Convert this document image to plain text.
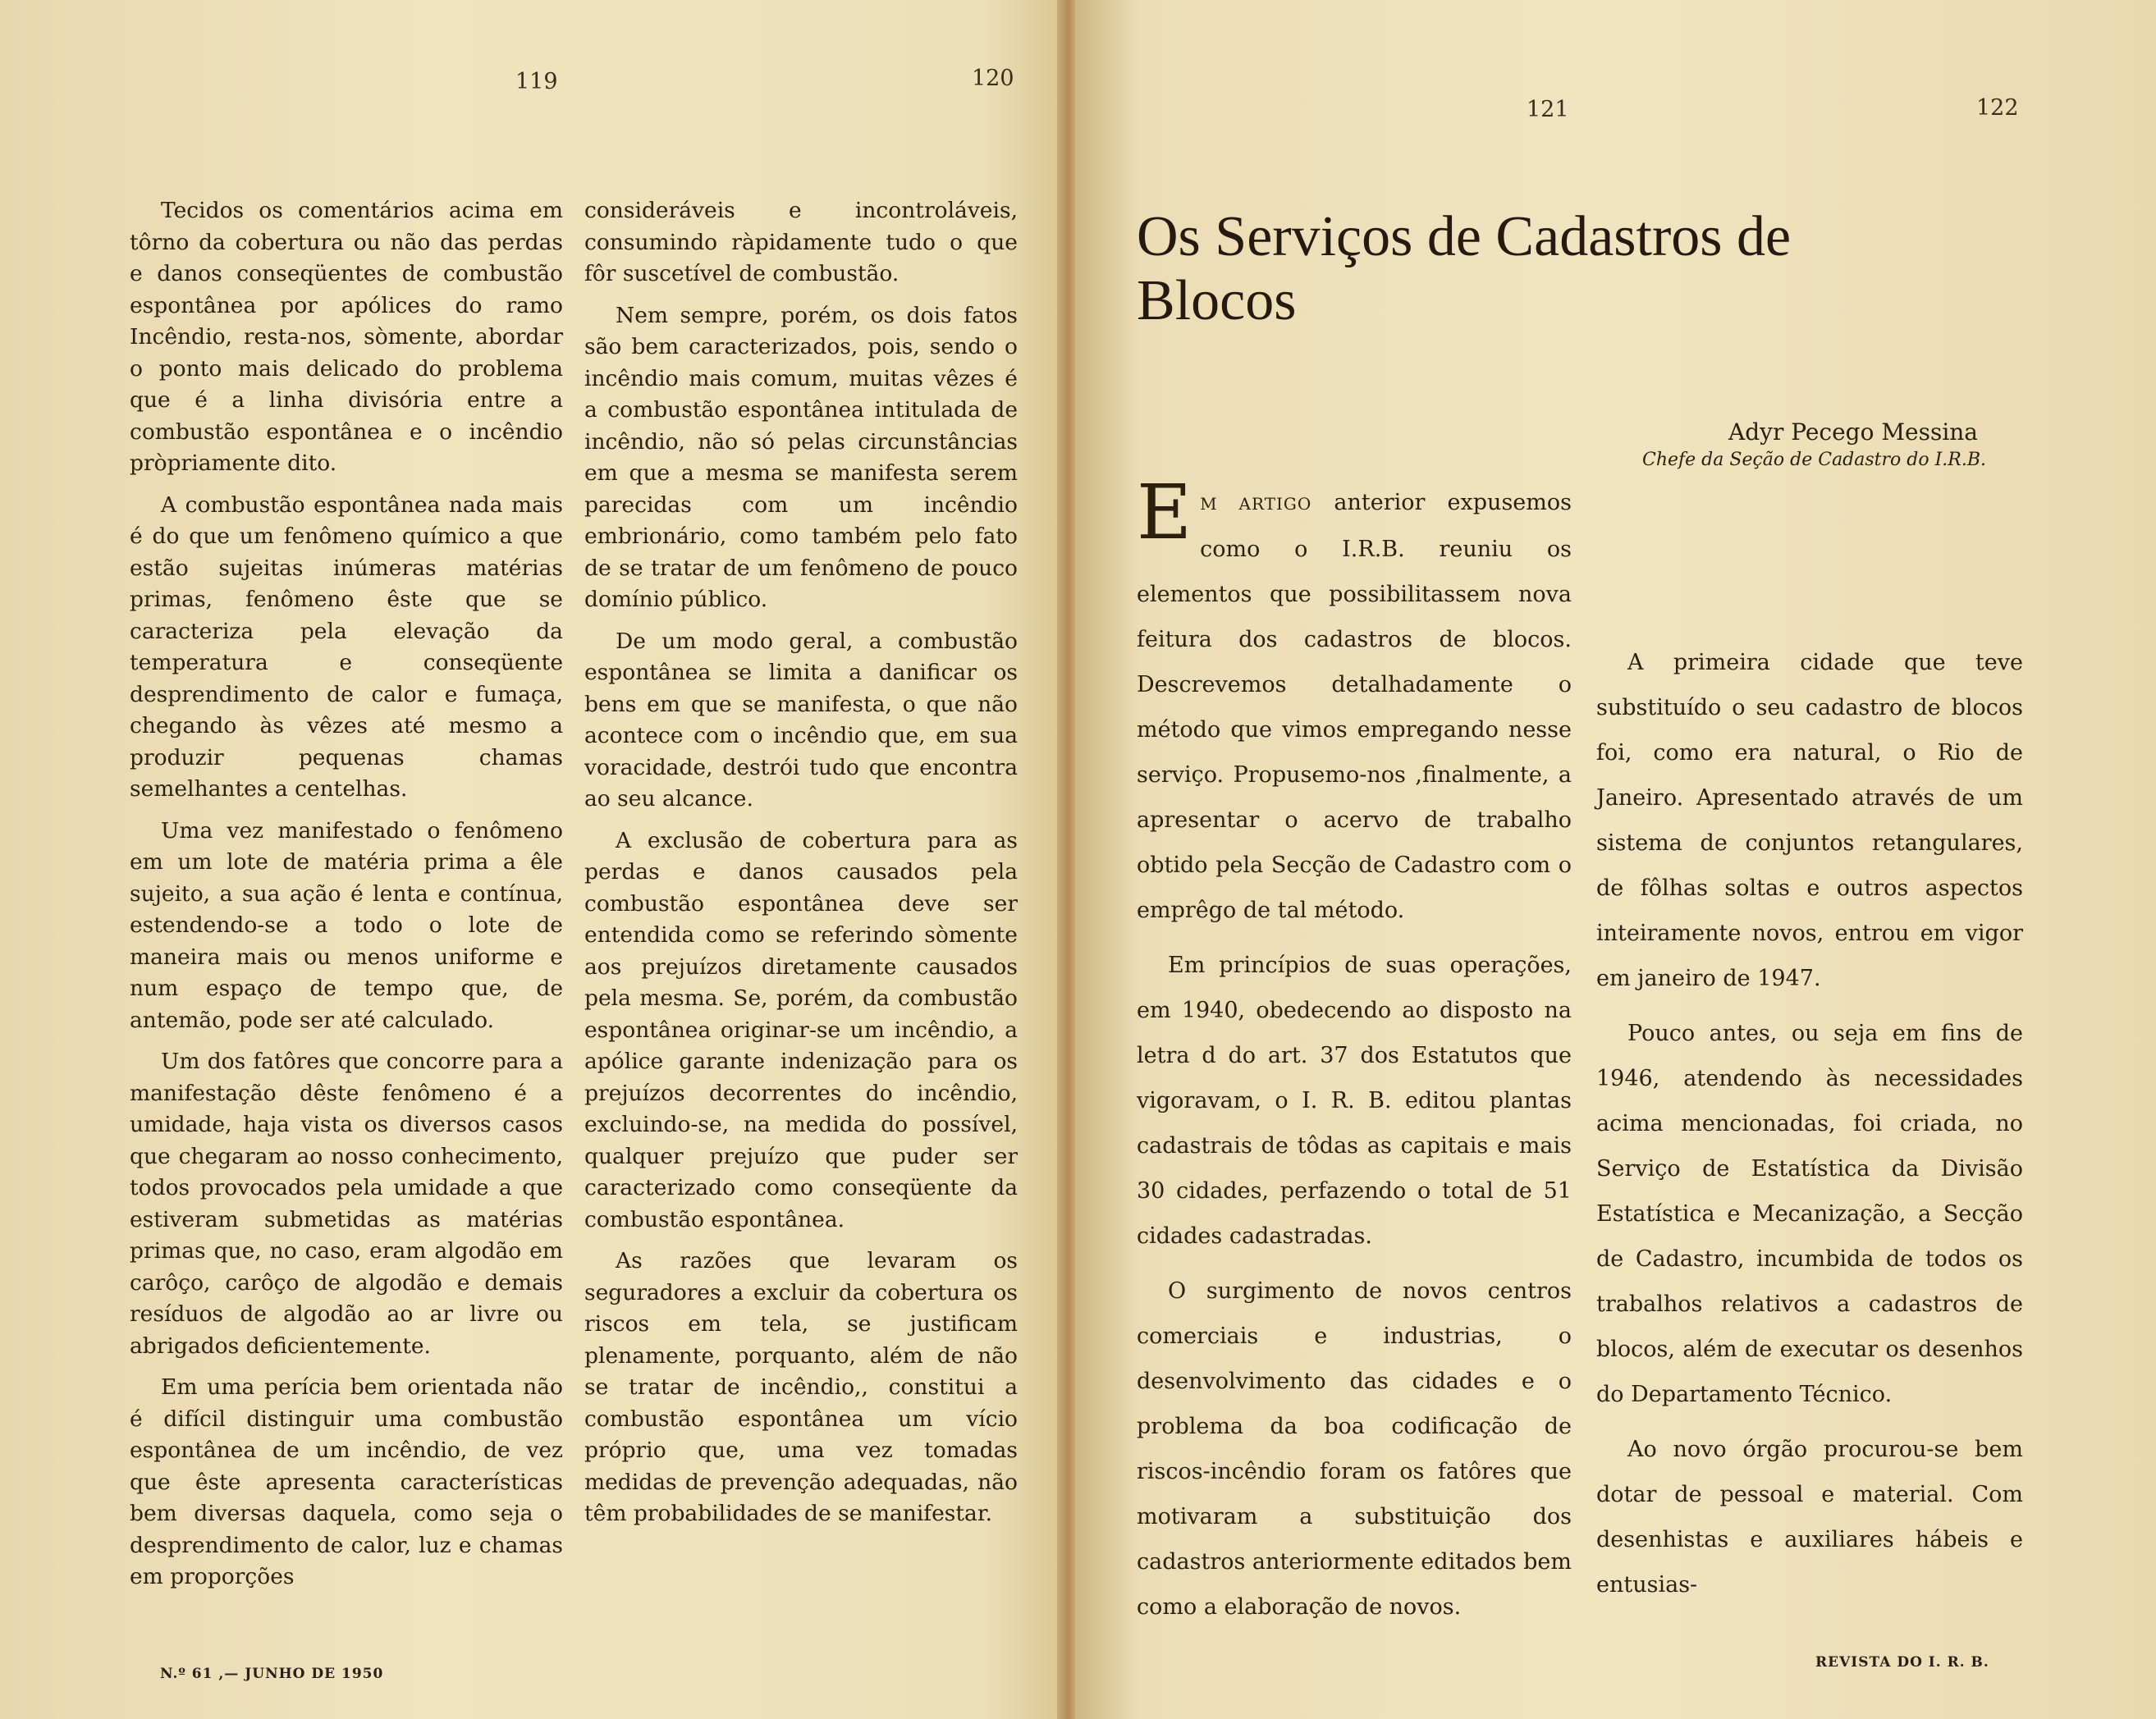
119	120

Tecidos os comentários acima em tôrno da cobertura ou não das perdas e danos conseqüentes de combustão espontânea por apólices do ramo Incêndio, resta-nos, sòmente, abordar o ponto mais delicado do problema que é a linha divisória entre a combustão espontânea e o incêndio pròpriamente dito.

A combustão espontânea nada mais é do que um fenômeno químico a que estão sujeitas inúmeras matérias primas, fenômeno êste que se caracteriza pela elevação da temperatura e conseqüente desprendimento de calor e fumaça, chegando às vêzes até mesmo a produzir pequenas chamas semelhantes a centelhas.

Uma vez manifestado o fenômeno em um lote de matéria prima a êle sujeito, a sua ação é lenta e contínua, estendendo-se a todo o lote de maneira mais ou menos uniforme e num espaço de tempo que, de antemão, pode ser até calculado.

Um dos fatôres que concorre para a manifestação dêste fenômeno é a umidade, haja vista os diversos casos que chegaram ao nosso conhecimento, todos provocados pela umidade a que estiveram submetidas as matérias primas que, no caso, eram algodão em carôço, carôço de algodão e demais resíduos de algodão ao ar livre ou abrigados deficientemente.

Em uma perícia bem orientada não é difícil distinguir uma combustão espontânea de um incêndio, de vez que êste apresenta características bem diversas daquela, como seja o desprendimento de calor, luz e chamas em proporções

consideráveis e incontroláveis, consumindo ràpidamente tudo o que fôr suscetível de combustão.

Nem sempre, porém, os dois fatos são bem caracterizados, pois, sendo o incêndio mais comum, muitas vêzes é a combustão espontânea intitulada de incêndio, não só pelas circunstâncias em que a mesma se manifesta serem parecidas com um incêndio embrionário, como também pelo fato de se tratar de um fenômeno de pouco domínio público.

De um modo geral, a combustão espontânea se limita a danificar os bens em que se manifesta, o que não acontece com o incêndio que, em sua voracidade, destrói tudo que encontra ao seu alcance.

A exclusão de cobertura para as perdas e danos causados pela combustão espontânea deve ser entendida como se referindo sòmente aos prejuízos diretamente causados pela mesma. Se, porém, da combustão espontânea originar-se um incêndio, a apólice garante indenização para os prejuízos decorrentes do incêndio, excluindo-se, na medida do possível, qualquer prejuízo que puder ser caracterizado como conseqüente da combustão espontânea.

As razões que levaram os seguradores a excluir da cobertura os riscos em tela, se justificam plenamente, porquanto, além de não se tratar de incêndio,, constitui a combustão espontânea um vício próprio que, uma vez tomadas medidas de prevenção adequadas, não têm probabilidades de se manifestar.

N.º 61 ,— JUNHO DE 1950
121	122
Os Serviços de Cadastros de Blocos
Adyr Pecego Messina
Chefe da Seção de Cadastro do I.R.B.

E M ARTIGO anterior expusemos como o I.R.B. reuniu os elementos que possibilitassem nova feitura dos cadastros de blocos. Descrevemos detalhadamente o método que vimos empregando nesse serviço. Propusemo-nos ,finalmente, a apresentar o acervo de trabalho obtido pela Secção de Cadastro com o emprêgo de tal método.

Em princípios de suas operações, em 1940, obedecendo ao disposto na letra d do art. 37 dos Estatutos que vigoravam, o I. R. B. editou plantas cadastrais de tôdas as capitais e mais 30 cidades, perfazendo o total de 51 cidades cadastradas.

O surgimento de novos centros comerciais e industrias, o desenvolvimento das cidades e o problema da boa codificação de riscos-incêndio foram os fatôres que motivaram a substituição dos cadastros anteriormente editados bem como a elaboração de novos.

A primeira cidade que teve substituído o seu cadastro de blocos foi, como era natural, o Rio de Janeiro. Apresentado através de um sistema de conjuntos retangulares, de fôlhas soltas e outros aspectos inteiramente novos, entrou em vigor em janeiro de 1947.

Pouco antes, ou seja em fins de 1946, atendendo às necessidades acima mencionadas, foi criada, no Serviço de Estatística da Divisão Estatística e Mecanização, a Secção de Cadastro, incumbida de todos os trabalhos relativos a cadastros de blocos, além de executar os desenhos do Departamento Técnico.

Ao novo órgão procurou-se bem dotar de pessoal e material. Com desenhistas e auxiliares hábeis e entusias-

REVISTA DO I. R. B.
